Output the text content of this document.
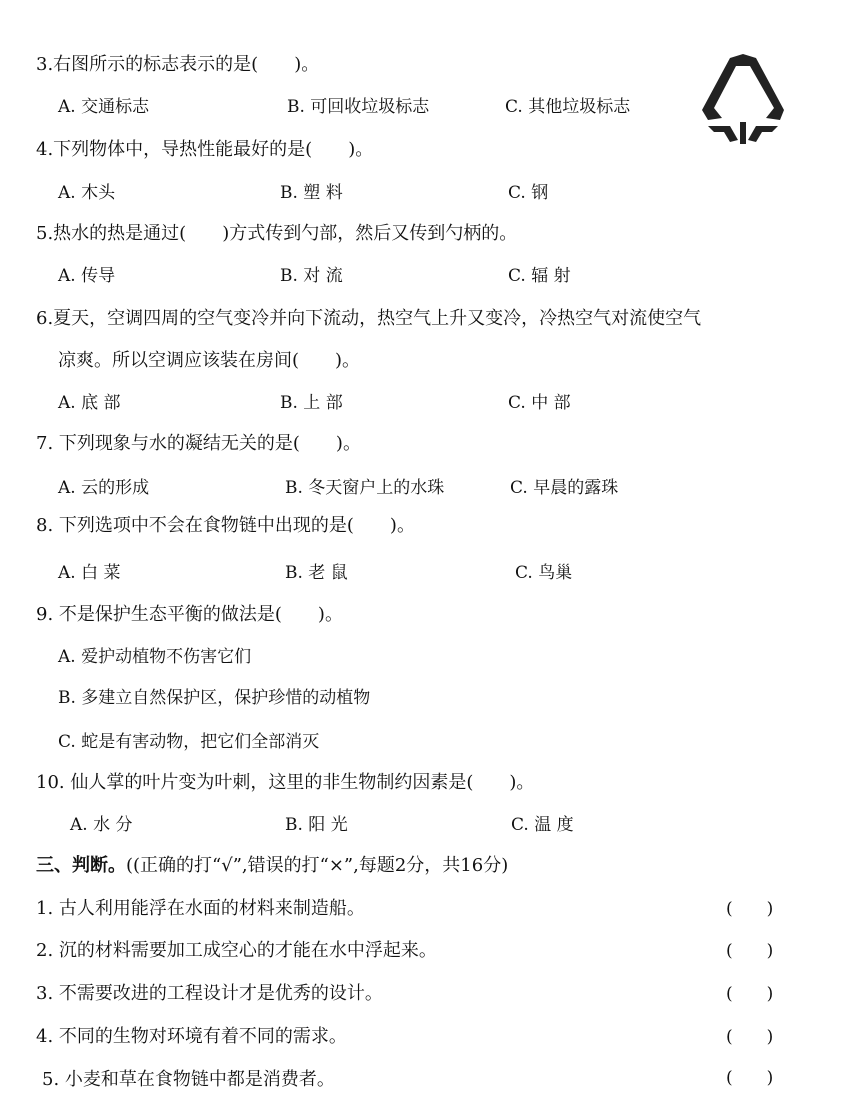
3.右图所示的标志表示的是(　　)。
A. 交通标志	B. 可回收垃圾标志	C. 其他垃圾标志
4.下列物体中，导热性能最好的是(　　)。
A. 木头	B. 塑 料	C. 钢
5.热水的热是通过(　　)方式传到勺部，然后又传到勺柄的。
A. 传导	B. 对 流	C. 辐 射
6.夏天，空调四周的空气变冷并向下流动，热空气上升又变冷，冷热空气对流使空气
凉爽。所以空调应该装在房间(　　)。
A. 底 部	B. 上 部	C. 中 部
7. 下列现象与水的凝结无关的是(　　)。
A. 云的形成	B. 冬天窗户上的水珠	C. 早晨的露珠
8. 下列选项中不会在食物链中出现的是(　　)。
A. 白 菜	B. 老 鼠	C. 鸟巢
9. 不是保护生态平衡的做法是(　　)。
A. 爱护动植物不伤害它们
B. 多建立自然保护区，保护珍惜的动植物
C. 蛇是有害动物，把它们全部消灭
10. 仙人掌的叶片变为叶刺，这里的非生物制约因素是(　　)。
A. 水 分	B. 阳 光	C. 温 度
三、判断。((正确的打“√”,错误的打“×”,每题2分，共16分)
1. 古人利用能浮在水面的材料来制造船。	(　　)
2. 沉的材料需要加工成空心的才能在水中浮起来。	(　　)
3. 不需要改进的工程设计才是优秀的设计。	(　　)
4. 不同的生物对环境有着不同的需求。	(　　)
5. 小麦和草在食物链中都是消费者。	(　　)
